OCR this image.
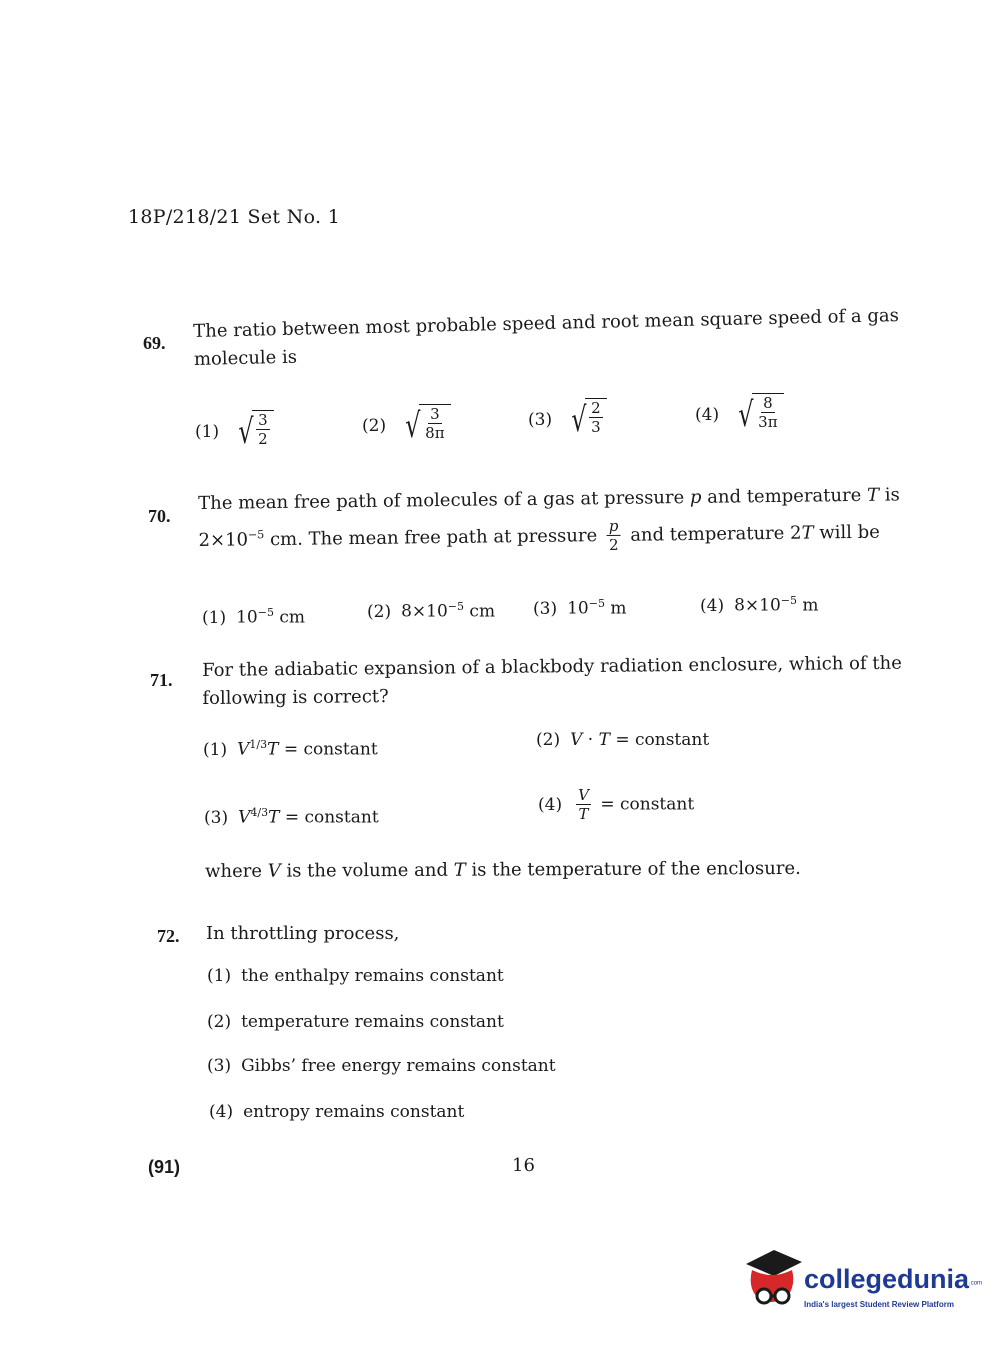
18P/218/21 Set No. 1
69.
The ratio between most probable speed and root mean square speed of a gas
molecule is
(1) √ $\frac{3}{2}$	(2) √ $\frac{3}{8\pi}$	(3) √ $\frac{2}{3}$	(4) √ $\frac{8}{3\pi}$
70.
The mean free path of molecules of a gas at pressure p and temperature T is
$2\times 10^{-5}$ cm. The mean free path at pressure $\frac{p}{2}$ and temperature 2T will be
(1) $10^{-5}$ cm	(2) $8\times 10^{-5}$ cm (3) $10^{-5}$ m	(4) $8\times 10^{-5}$ m
71. For the adiabatic expansion of a blackbody radiation enclosure, which of the
following is correct?
(1) $V^{1/3}T$ = constant	(2) V · T = constant
(3) $V^{4/3}T$ = constant
$(4) \frac{V}{T}$ = constant
where V is the volume and T is the temperature of the enclosure.
72. In throttling process,
(1) the enthalpy remains constant
(2) temperature remains constant
(3) Gibbs’ free energy remains constant
(4) entropy remains constant
(91)	16
collegedunia.com
India's largest Student Review Platform
